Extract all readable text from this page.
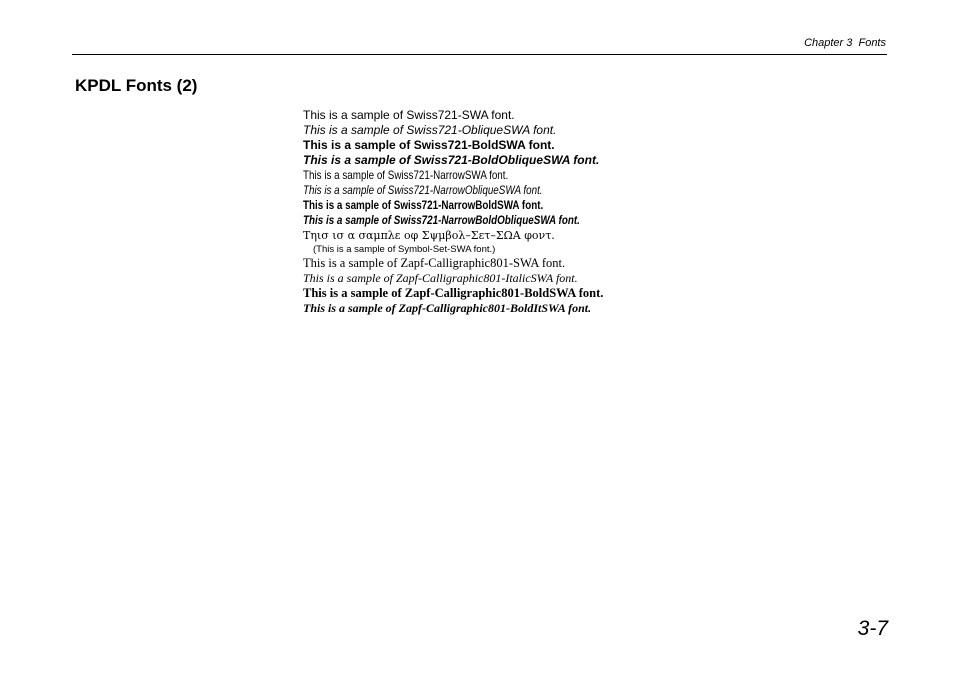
Chapter 3  Fonts
KPDL Fonts (2)
This is a sample of Swiss721-SWA font.
This is a sample of Swiss721-ObliqueSWA font.
This is a sample of Swiss721-BoldSWA font.
This is a sample of Swiss721-BoldObliqueSWA font.
This is a sample of Swiss721-NarrowSWA font.
This is a sample of Swiss721-NarrowObliqueSWA font.
This is a sample of Swiss721-NarrowBoldSWA font.
This is a sample of Swiss721-NarrowBoldObliqueSWA font.
Τηισ ισ α σαμπλε οφ Σψμβολ–Σετ–ΣΩΑ φοντ.
(This is a sample of Symbol-Set-SWA font.)
This is a sample of Zapf-Calligraphic801-SWA font.
This is a sample of Zapf-Calligraphic801-ItalicSWA font.
This is a sample of Zapf-Calligraphic801-BoldSWA font.
This is a sample of Zapf-Calligraphic801-BoldItSWA font.
3-7
